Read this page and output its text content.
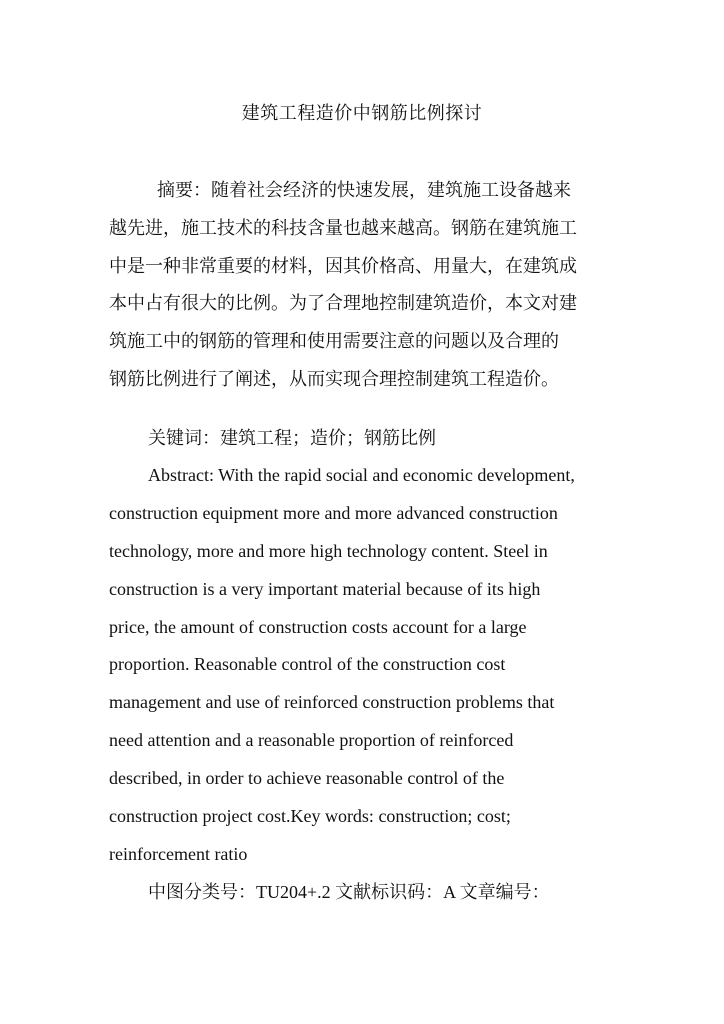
建筑工程造价中钢筋比例探讨

摘要：随着社会经济的快速发展，建筑施工设备越来

越先进，施工技术的科技含量也越来越高。钢筋在建筑施工

中是一种非常重要的材料，因其价格高、用量大，在建筑成

本中占有很大的比例。为了合理地控制建筑造价，本文对建

筑施工中的钢筋的管理和使用需要注意的问题以及合理的

钢筋比例进行了阐述，从而实现合理控制建筑工程造价。

关键词：建筑工程；造价；钢筋比例

Abstract: With the rapid social and economic development,

construction equipment more and more advanced construction

technology, more and more high technology content. Steel in

construction is a very important material because of its high

price, the amount of construction costs account for a large

proportion. Reasonable control of the construction cost

management and use of reinforced construction problems that

need attention and a reasonable proportion of reinforced

described, in order to achieve reasonable control of the

construction project cost.Key words: construction; cost;

reinforcement ratio

中图分类号：TU204+.2 文献标识码：A 文章编号：
